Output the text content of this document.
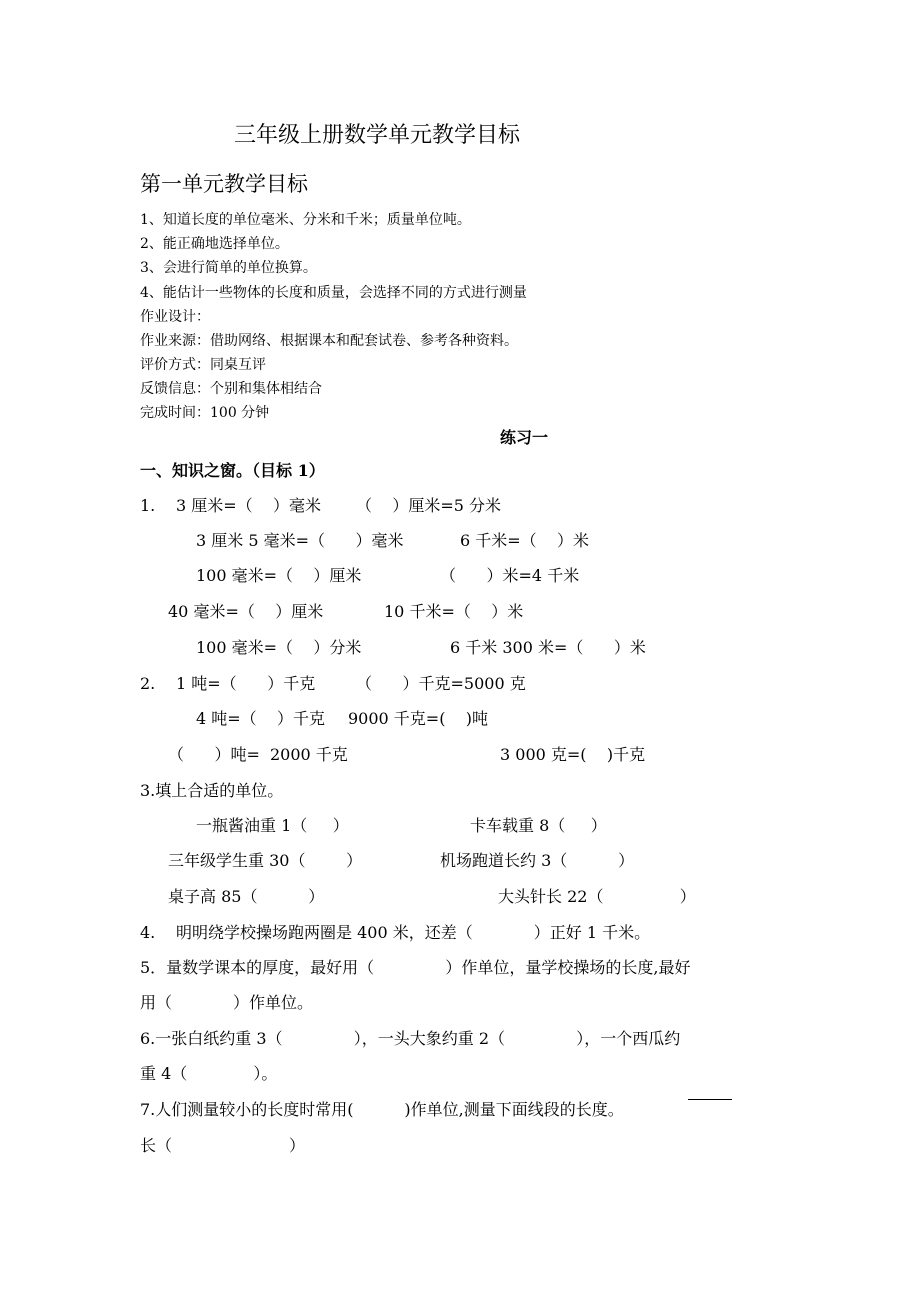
三年级上册数学单元教学目标
第一单元教学目标
1、知道长度的单位毫米、分米和千米；质量单位吨。
2、能正确地选择单位。
3、会进行简单的单位换算。
4、能估计一些物体的长度和质量，会选择不同的方式进行测量
作业设计：
作业来源：借助网络、根据课本和配套试卷、参考各种资料。
评价方式：同桌互评
反馈信息：个别和集体相结合
完成时间：100 分钟
练习一
一、知识之窗。（目标 1）
1. 3 厘米=（    ）毫米 （    ）厘米=5 分米
3 厘米 5 毫米=（      ）毫米	6 千米=（    ）米
100 毫米=（    ）厘米	（      ）米=4 千米
40 毫米=（    ）厘米	10 千米=（    ）米
100 毫米=（    ）分米	6 千米 300 米=（      ）米
2. 1 吨=（      ）千克	（      ）千克=5000 克
4 吨=（    ）千克 9000 千克=(    )吨
（      ）吨= 2000 千克	3 000 克=(    )千克
3.填上合适的单位。
一瓶酱油重 1（     ）	卡车载重 8（     ）
三年级学生重 30（        ）	机场跑道长约 3（          ）
桌子高 85（          ）	大头针长 22（               ）
4. 明明绕学校操场跑两圈是 400 米，还差（            ）正好 1 千米。
5．量数学课本的厚度，最好用（              ）作单位，量学校操场的长度,最好
用（            ）作单位。
6.一张白纸约重 3（              ），一头大象约重 2（              ），一个西瓜约
重 4（             ）。
7.人们测量较小的长度时常用(          )作单位,测量下面线段的长度。
长（                       ）
